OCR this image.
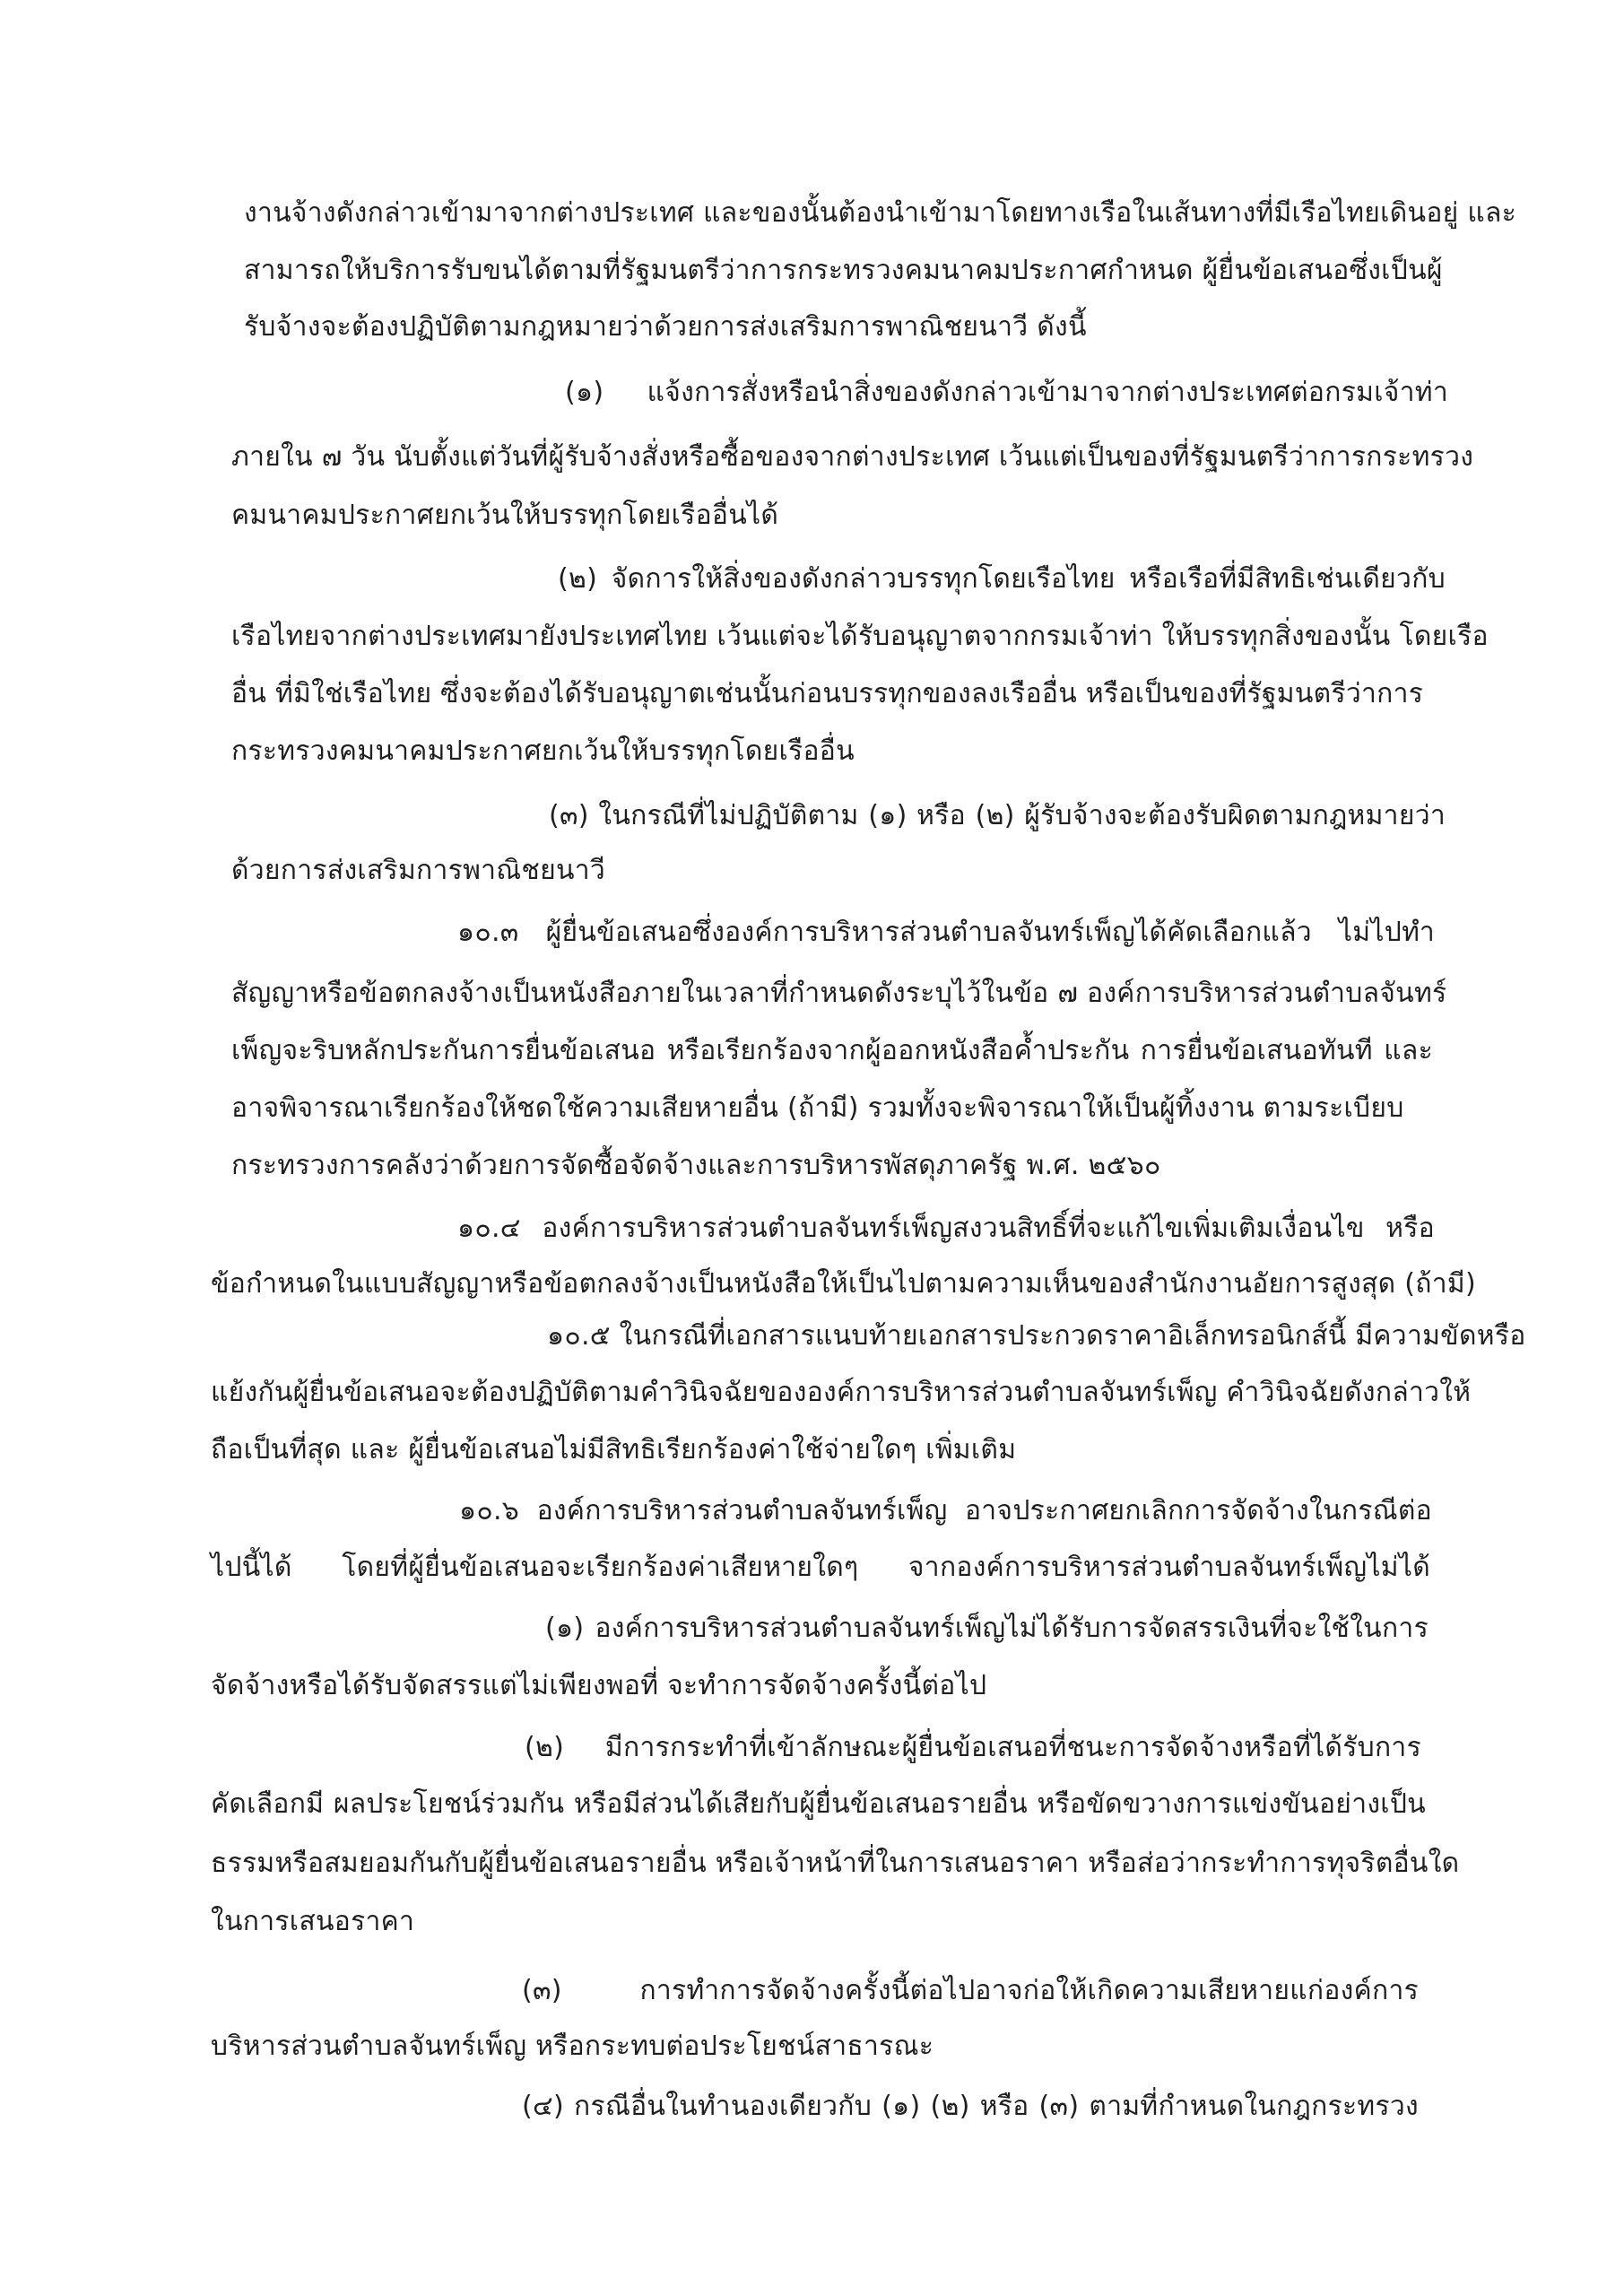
งานจ้างดังกล่าวเข้ามาจากต่างประเทศ และของนั้นต้องนำเข้ามาโดยทางเรือในเส้นทางที่มีเรือไทยเดินอยู่ และ
สามารถให้บริการรับขนได้ตามที่รัฐมนตรีว่าการกระทรวงคมนาคมประกาศกำหนด ผู้ยื่นข้อเสนอซึ่งเป็นผู้
รับจ้างจะต้องปฏิบัติตามกฎหมายว่าด้วยการส่งเสริมการพาณิชยนาวี ดังนี้
(๑) แจ้งการสั่งหรือนำสิ่งของดังกล่าวเข้ามาจากต่างประเทศต่อกรมเจ้าท่า
ภายใน ๗ วัน นับตั้งแต่วันที่ผู้รับจ้างสั่งหรือซื้อของจากต่างประเทศ เว้นแต่เป็นของที่รัฐมนตรีว่าการกระทรวง
คมนาคมประกาศยกเว้นให้บรรทุกโดยเรืออื่นได้
(๒) จัดการให้สิ่งของดังกล่าวบรรทุกโดยเรือไทย หรือเรือที่มีสิทธิเช่นเดียวกับ
เรือไทยจากต่างประเทศมายังประเทศไทย เว้นแต่จะได้รับอนุญาตจากกรมเจ้าท่า ให้บรรทุกสิ่งของนั้น โดยเรือ
อื่น ที่มิใช่เรือไทย ซึ่งจะต้องได้รับอนุญาตเช่นนั้นก่อนบรรทุกของลงเรืออื่น หรือเป็นของที่รัฐมนตรีว่าการ
กระทรวงคมนาคมประกาศยกเว้นให้บรรทุกโดยเรืออื่น
(๓) ในกรณีที่ไม่ปฏิบัติตาม (๑) หรือ (๒) ผู้รับจ้างจะต้องรับผิดตามกฎหมายว่า
ด้วยการส่งเสริมการพาณิชยนาวี
๑๐.๓ ผู้ยื่นข้อเสนอซึ่งองค์การบริหารส่วนตำบลจันทร์เพ็ญได้คัดเลือกแล้ว ไม่ไปทำ
สัญญาหรือข้อตกลงจ้างเป็นหนังสือภายในเวลาที่กำหนดดังระบุไว้ในข้อ ๗ องค์การบริหารส่วนตำบลจันทร์
เพ็ญจะริบหลักประกันการยื่นข้อเสนอ หรือเรียกร้องจากผู้ออกหนังสือค้ำประกัน การยื่นข้อเสนอทันที และ
อาจพิจารณาเรียกร้องให้ชดใช้ความเสียหายอื่น (ถ้ามี) รวมทั้งจะพิจารณาให้เป็นผู้ทิ้งงาน ตามระเบียบ
กระทรวงการคลังว่าด้วยการจัดซื้อจัดจ้างและการบริหารพัสดุภาครัฐ พ.ศ. ๒๕๖๐
๑๐.๔ องค์การบริหารส่วนตำบลจันทร์เพ็ญสงวนสิทธิ์ที่จะแก้ไขเพิ่มเติมเงื่อนไข หรือ
ข้อกำหนดในแบบสัญญาหรือข้อตกลงจ้างเป็นหนังสือให้เป็นไปตามความเห็นของสำนักงานอัยการสูงสุด (ถ้ามี)
๑๐.๕ ในกรณีที่เอกสารแนบท้ายเอกสารประกวดราคาอิเล็กทรอนิกส์นี้ มีความขัดหรือ
แย้งกันผู้ยื่นข้อเสนอจะต้องปฏิบัติตามคำวินิจฉัยขององค์การบริหารส่วนตำบลจันทร์เพ็ญ คำวินิจฉัยดังกล่าวให้
ถือเป็นที่สุด และ ผู้ยื่นข้อเสนอไม่มีสิทธิเรียกร้องค่าใช้จ่ายใดๆ เพิ่มเติม
๑๐.๖ องค์การบริหารส่วนตำบลจันทร์เพ็ญ อาจประกาศยกเลิกการจัดจ้างในกรณีต่อ
ไปนี้ได้ โดยที่ผู้ยื่นข้อเสนอจะเรียกร้องค่าเสียหายใดๆ จากองค์การบริหารส่วนตำบลจันทร์เพ็ญไม่ได้
(๑) องค์การบริหารส่วนตำบลจันทร์เพ็ญไม่ได้รับการจัดสรรเงินที่จะใช้ในการ
จัดจ้างหรือได้รับจัดสรรแต่ไม่เพียงพอที่ จะทำการจัดจ้างครั้งนี้ต่อไป
(๒) มีการกระทำที่เข้าลักษณะผู้ยื่นข้อเสนอที่ชนะการจัดจ้างหรือที่ได้รับการ
คัดเลือกมี ผลประโยชน์ร่วมกัน หรือมีส่วนได้เสียกับผู้ยื่นข้อเสนอรายอื่น หรือขัดขวางการแข่งขันอย่างเป็น
ธรรมหรือสมยอมกันกับผู้ยื่นข้อเสนอรายอื่น หรือเจ้าหน้าที่ในการเสนอราคา หรือส่อว่ากระทำการทุจริตอื่นใด
ในการเสนอราคา
(๓) การทำการจัดจ้างครั้งนี้ต่อไปอาจก่อให้เกิดความเสียหายแก่องค์การ
บริหารส่วนตำบลจันทร์เพ็ญ หรือกระทบต่อประโยชน์สาธารณะ
(๔) กรณีอื่นในทำนองเดียวกับ (๑) (๒) หรือ (๓) ตามที่กำหนดในกฎกระทรวง
